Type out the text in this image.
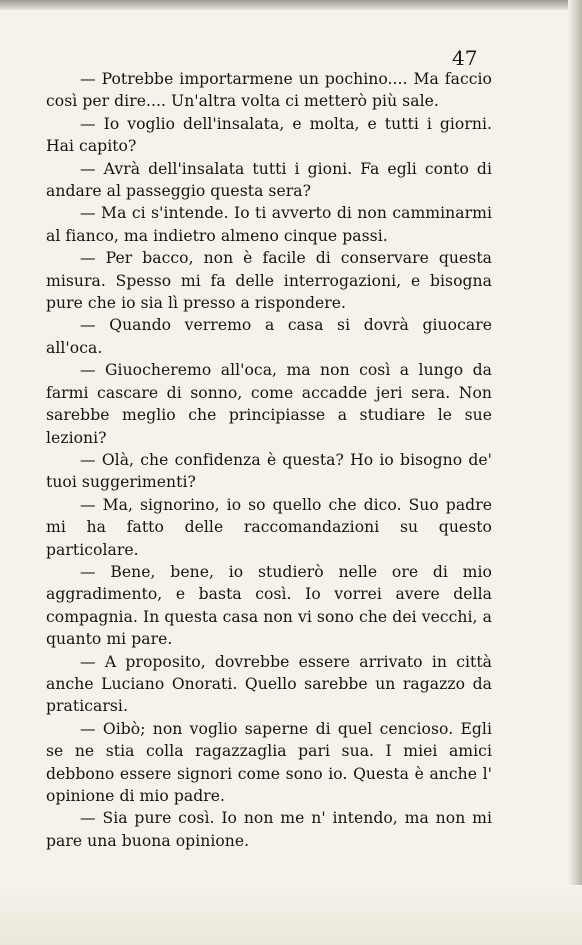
47

— Potrebbe importarmene un pochino.... Ma faccio così per dire.... Un'altra volta ci metterò più sale.

— Io voglio dell'insalata, e molta, e tutti i giorni. Hai capito?

— Avrà dell'insalata tutti i gioni. Fa egli conto di andare al passeggio questa sera?

— Ma ci s'intende. Io ti avverto di non camminarmi al fianco, ma indietro almeno cinque passi.

— Per bacco, non è facile di conservare questa misura. Spesso mi fa delle interrogazioni, e bisogna pure che io sia lì presso a rispondere.

— Quando verremo a casa si dovrà giuocare all'oca.

— Giuocheremo all'oca, ma non così a lungo da farmi cascare di sonno, come accadde jeri sera. Non sarebbe meglio che principiasse a studiare le sue lezioni?

— Olà, che confidenza è questa? Ho io bisogno de' tuoi suggerimenti?

— Ma, signorino, io so quello che dico. Suo padre mi ha fatto delle raccomandazioni su questo particolare.

— Bene, bene, io studierò nelle ore di mio aggradimento, e basta così. Io vorrei avere della compagnia. In questa casa non vi sono che dei vecchi, a quanto mi pare.

— A proposito, dovrebbe essere arrivato in città anche Luciano Onorati. Quello sarebbe un ragazzo da praticarsi.

— Oibò; non voglio saperne di quel cencioso. Egli se ne stia colla ragazzaglia pari sua. I miei amici debbono essere signori come sono io. Questa è anche l' opinione di mio padre.

— Sia pure così. Io non me n' intendo, ma non mi pare una buona opinione.
